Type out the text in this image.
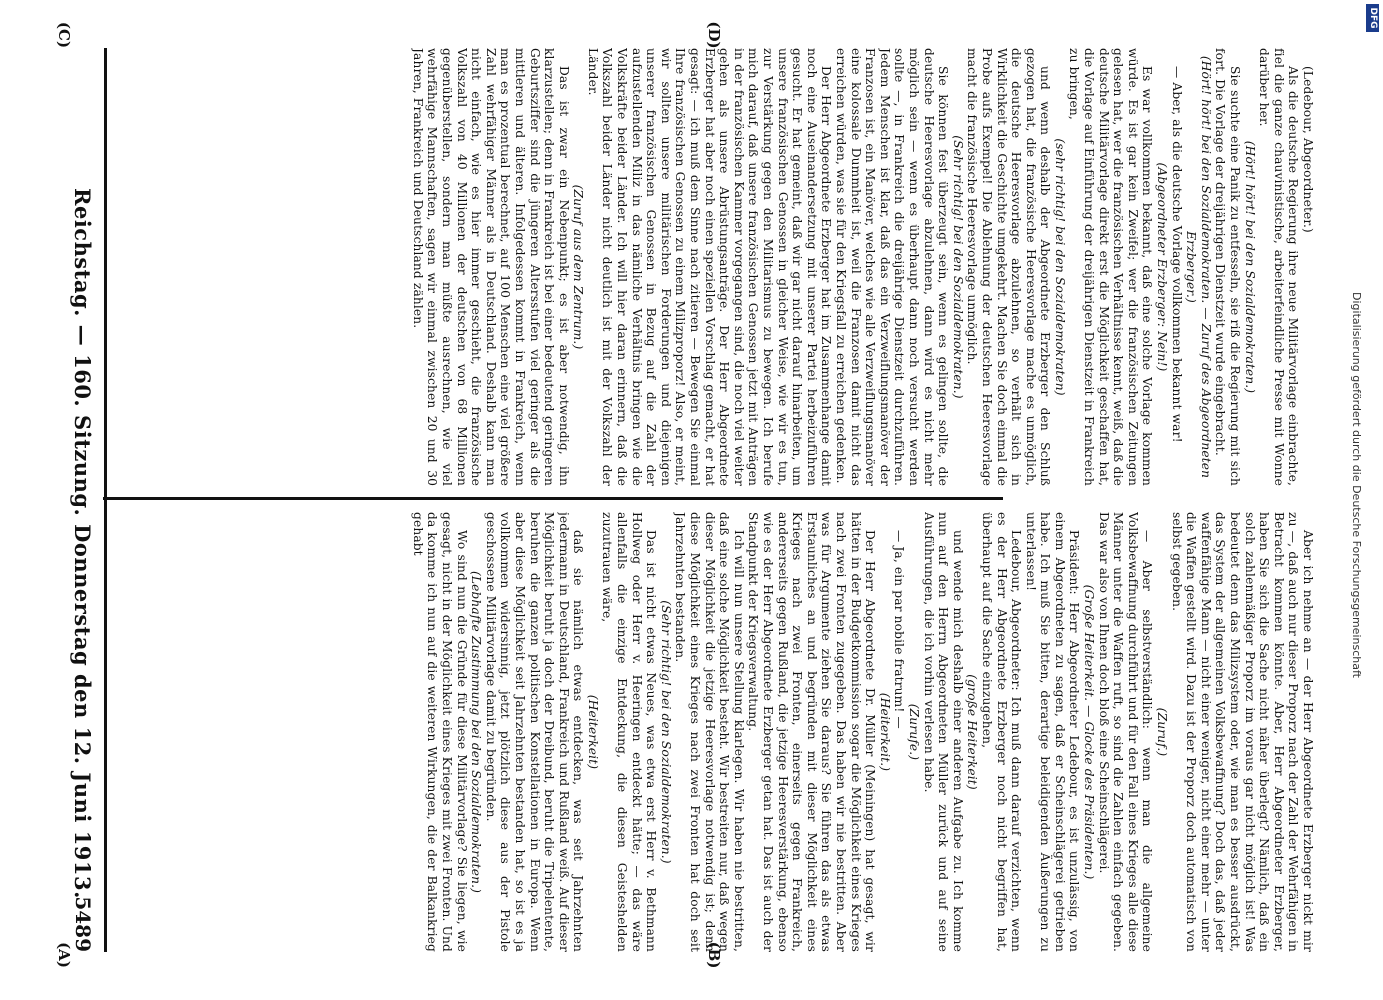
DFG
Digitalisierung gefördert durch die Deutsche Forschungsgemeinschaft
(A)	(B)
(C)	(D)

Aber ich nehme an — der Herr Abgeordnete Erzberger nickt mir zu —, daß auch nur dieser Proporz nach der Zahl der Wehrfähigen in Betracht kommen könnte. Aber, Herr Abgeordneter Erzberger, haben Sie sich die Sache nicht näher überlegt? Nämlich, daß ein solch zahlenmäßiger Proporz im voraus gar nicht möglich ist! Was bedeutet denn das Milizsystem oder, wie man es besser ausdrückt, das System der allgemeinen Volksbewaffnung? Doch das, daß jeder waffenfähige Mann — nicht einer weniger, nicht einer mehr — unter die Waffen gestellt wird. Dazu ist der Proporz doch automatisch von selbst gegeben.

(Zuruf.)

— Aber selbstverständlich: wenn man die allgemeine Volksbewaffnung durchführt und für den Fall eines Krieges alle diese Männer unter die Waffen ruft, so sind die Zahlen einfach gegeben. Das war also von Ihnen doch bloß eine Scheinschlägerei.

(Große Heiterkeit. — Glocke des Präsidenten.)

Präsident: Herr Abgeordneter Ledebour, es ist unzulässig, von einem Abgeordneten zu sagen, daß er Scheinschlägerei getrieben habe. Ich muß Sie bitten, derartige beleidigenden Äußerungen zu unterlassen!

Ledebour, Abgeordneter: Ich muß dann darauf verzichten, wenn es der Herr Abgeordnete Erzberger noch nicht begriffen hat, überhaupt auf die Sache einzugehen,

(große Heiterkeit)

und wende mich deshalb einer anderen Aufgabe zu. Ich komme nun auf den Herrn Abgeordneten Müller zurück und auf seine Ausführungen, die ich vorhin verlesen habe.

(Zurufe.)

— Ja, ein par nobile fratrum! —

(Heiterkeit.)

Der Herr Abgeordnete Dr. Müller (Meiningen) hat gesagt, wir hätten in der Budgetkommission sogar die Möglichkeit eines Krieges nach zwei Fronten zugegeben. Das haben wir nie bestritten. Aber was für Argumente ziehen Sie daraus? Sie führen das als etwas Erstaunliches an und begründen mit dieser Möglichkeit eines Krieges nach zwei Fronten, einerseits gegen Frankreich, andererseits gegen Rußland, die jetzige Heeresverstärkung, ebenso wie es der Herr Abgeordnete Erzberger getan hat. Das ist auch der Standpunkt der Kriegsverwaltung.

Ich will nun unsere Stellung klarlegen. Wir haben nie bestritten, daß eine solche Möglichkeit besteht. Wir bestreiten nur, daß wegen dieser Möglichkeit die jetzige Heeresvorlage notwendig ist; denn diese Möglichkeit eines Krieges nach zwei Fronten hat doch seit Jahrzehnten bestanden.

(Sehr richtig! bei den Sozialdemokraten.)

Das ist nicht etwas Neues, was etwa erst Herr v. Bethmann Hollweg oder Herr v. Heeringen entdeckt hätte; — das wäre allenfalls die einzige Entdeckung, die diesen Geisteshelden zuzutrauen wäre,

(Heiterkeit)

daß sie nämlich etwas entdecken, was seit Jahrzehnten jedermann in Deutschland, Frankreich und Rußland weiß. Auf dieser Möglichkeit beruht ja doch der Dreibund, beruht die Tripelentente, beruhen die ganzen politischen Konstellationen in Europa. Wenn aber diese Möglichkeit seit Jahrzehnten bestanden hat, so ist es ja vollkommen widersinnig, jetzt plötzlich diese aus der Pistole geschossene Militärvorlage damit zu begründen.

(Lebhafte Zustimmung bei den Sozialdemokraten.)

Wo sind nun die Gründe für diese Militärvorlage? Sie liegen, wie gesagt, nicht in der Möglichkeit eines Krieges mit zwei Fronten. Und da komme ich nun auf die weiteren Wirkungen, die der Balkankrieg gehabt

(Ledebour, Abgeordneter.)

Als die deutsche Regierung ihre neue Militärvorlage einbrachte, fiel die ganze chauvinistische, arbeiterfeindliche Presse mit Wonne darüber her.

(Hört! hört! bei den Sozialdemokraten.)

Sie suchte eine Panik zu entfesseln, sie riß die Regierung mit sich fort. Die Vorlage der dreijährigen Dienstzeit wurde eingebracht.

(Hört! hört! bei den Sozialdemokraten. — Zuruf des Abgeordneten Erzberger.)

— Aber, als die deutsche Vorlage vollkommen bekannt war!

(Abgeordneter Erzberger: Nein!)

Es war vollkommen bekannt, daß eine solche Vorlage kommen würde. Es ist gar kein Zweifel; wer die französischen Zeitungen gelesen hat, wer die französischen Verhältnisse kennt, weiß, daß die deutsche Militärvorlage direkt erst die Möglichkeit geschaffen hat, die Vorlage auf Einführung der dreijährigen Dienstzeit in Frankreich zu bringen,

(sehr richtig! bei den Sozialdemokraten)

und wenn deshalb der Abgeordnete Erzberger den Schluß gezogen hat, die französische Heeresvorlage mache es unmöglich, die deutsche Heeresvorlage abzulehnen, so verhält sich in Wirklichkeit die Geschichte umgekehrt. Machen Sie doch einmal die Probe aufs Exempel! Die Ablehnung der deutschen Heeresvorlage macht die französische Heeresvorlage unmöglich.

(Sehr richtig! bei den Sozialdemokraten.)

Sie können fest überzeugt sein, wenn es gelingen sollte, die deutsche Heeresvorlage abzulehnen, dann wird es nicht mehr möglich sein — wenn es überhaupt dann noch versucht werden sollte —, in Frankreich die dreijährige Dienstzeit durchzuführen. Jedem Menschen ist klar, daß das ein Verzweiflungsmanöver der Franzosen ist, ein Manöver, welches wie alle Verzweiflungsmanöver eine kolossale Dummheit ist, weil die Franzosen damit nicht das erreichen würden, was sie für den Kriegsfall zu erreichen gedenken.

Der Herr Abgeordnete Erzberger hat im Zusammenhange damit noch eine Auseinandersetzung mit unserer Partei herbeizuführen gesucht. Er hat gemeint, daß wir gar nicht darauf hinarbeiten, um unsere französischen Genossen in gleicher Weise, wie wir es tun, zur Verstärkung gegen den Militarismus zu bewegen. Ich berufe mich darauf, daß unsere französischen Genossen jetzt mit Anträgen in der französischen Kammer vorgegangen sind, die noch viel weiter gehen als unsere Abrüstungsanträge. Der Herr Abgeordnete Erzberger hat aber noch einen speziellen Vorschlag gemacht, er hat gesagt: — ich muß dem Sinne nach zitieren — Bewegen Sie einmal Ihre französischen Genossen zu einem Milizproporz! Also, er meint, wir sollten unsere militärischen Forderungen und diejenigen unserer französischen Genossen in Bezug auf die Zahl der aufzustellenden Miliz in das nämliche Verhältnis bringen wie die Volkskräfte beider Länder. Ich will hier daran erinnern, daß die Volkszahl beider Länder nicht deutlich ist mit der Volkszahl der Länder.

(Zuruf aus dem Zentrum.)

Das ist zwar ein Nebenpunkt; es ist aber notwendig, ihn klarzustellen; denn in Frankreich ist bei einer bedeutend geringeren Geburtsziffer sind die jüngeren Altersstufen viel geringer als die mittleren und älteren. Infolgedessen kommt in Frankreich, wenn man es prozentual berechnet, auf 100 Menschen eine viel größere Zahl wehrfähiger Männer als in Deutschland. Deshalb kann man nicht einfach, wie es hier immer geschieht, die französische Volkszahl von 40 Millionen der deutschen von 68 Millionen gegenüberstellen, sondern man müßte ausrechnen, wie viel wehrfähige Mannschaften, sagen wir einmal zwischen 20 und 30 Jahren, Frankreich und Deutschland zählen.

5489
Reichstag. — 160. Sitzung. Donnerstag den 12. Juni 1913.
